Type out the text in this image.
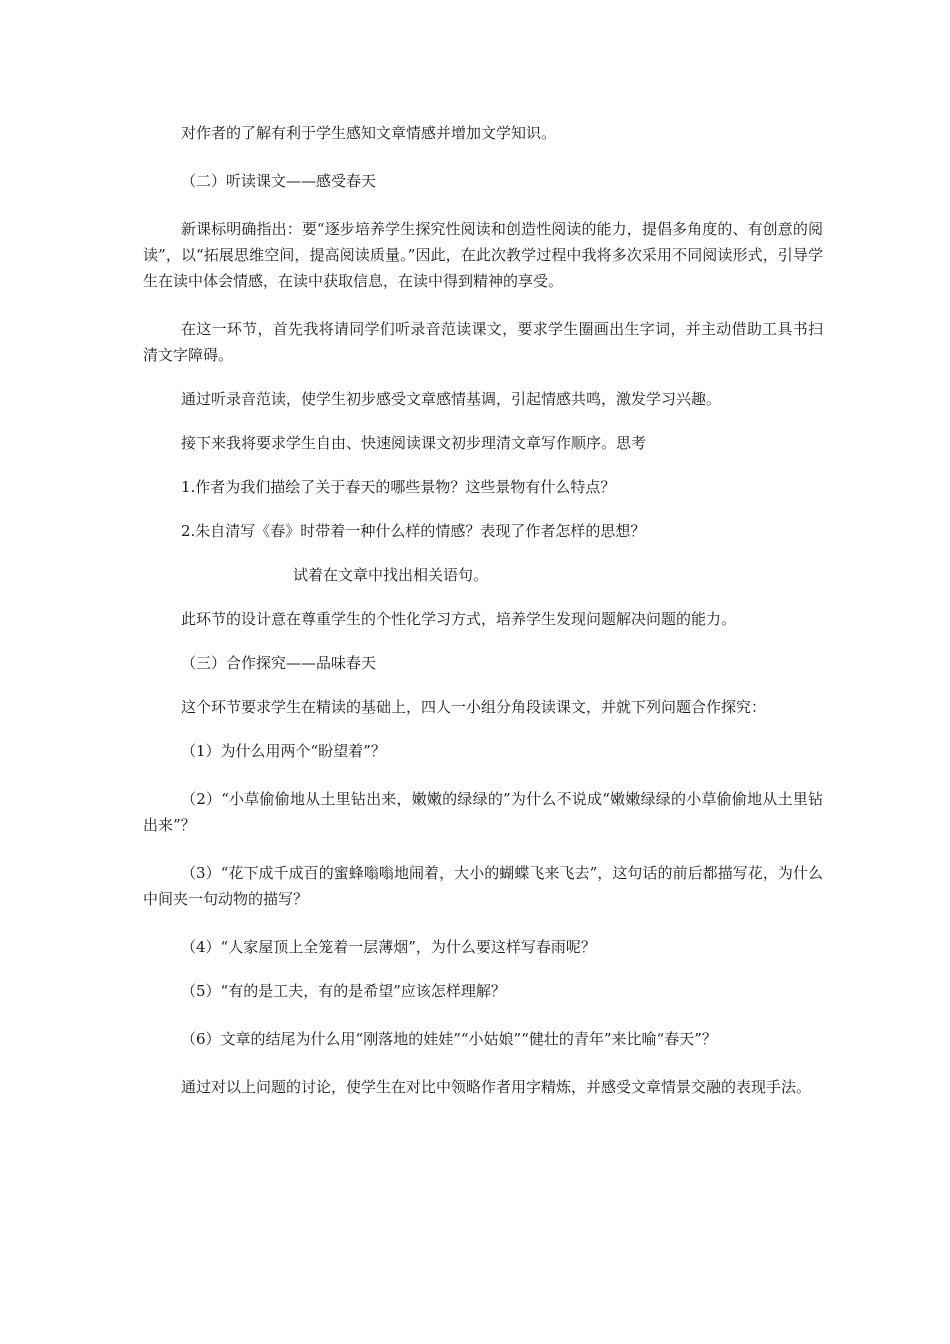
对作者的了解有利于学生感知文章情感并增加文学知识。

（二）听读课文——感受春天

新课标明确指出：要“逐步培养学生探究性阅读和创造性阅读的能力，提倡多角度的、有创意的阅读”，以“拓展思维空间，提高阅读质量。”因此，在此次教学过程中我将多次采用不同阅读形式，引导学生在读中体会情感，在读中获取信息，在读中得到精神的享受。

在这一环节，首先我将请同学们听录音范读课文，要求学生圈画出生字词，并主动借助工具书扫清文字障碍。

通过听录音范读，使学生初步感受文章感情基调，引起情感共鸣，激发学习兴趣。

接下来我将要求学生自由、快速阅读课文初步理清文章写作顺序。思考

1.作者为我们描绘了关于春天的哪些景物？这些景物有什么特点？

2.朱自清写《春》时带着一种什么样的情感？表现了作者怎样的思想？

试着在文章中找出相关语句。

此环节的设计意在尊重学生的个性化学习方式，培养学生发现问题解决问题的能力。

（三）合作探究——品味春天

这个环节要求学生在精读的基础上，四人一小组分角段读课文，并就下列问题合作探究：

（1）为什么用两个“盼望着”？

（2）“小草偷偷地从土里钻出来，嫩嫩的绿绿的”为什么不说成“嫩嫩绿绿的小草偷偷地从土里钻出来”？

（3）“花下成千成百的蜜蜂嗡嗡地闹着，大小的蝴蝶飞来飞去”，这句话的前后都描写花，为什么中间夹一句动物的描写？

（4）“人家屋顶上全笼着一层薄烟”，为什么要这样写春雨呢？

（5）“有的是工夫，有的是希望”应该怎样理解？

（6）文章的结尾为什么用“刚落地的娃娃”“小姑娘”“健壮的青年”来比喻“春天”？

通过对以上问题的讨论，使学生在对比中领略作者用字精炼，并感受文章情景交融的表现手法。
